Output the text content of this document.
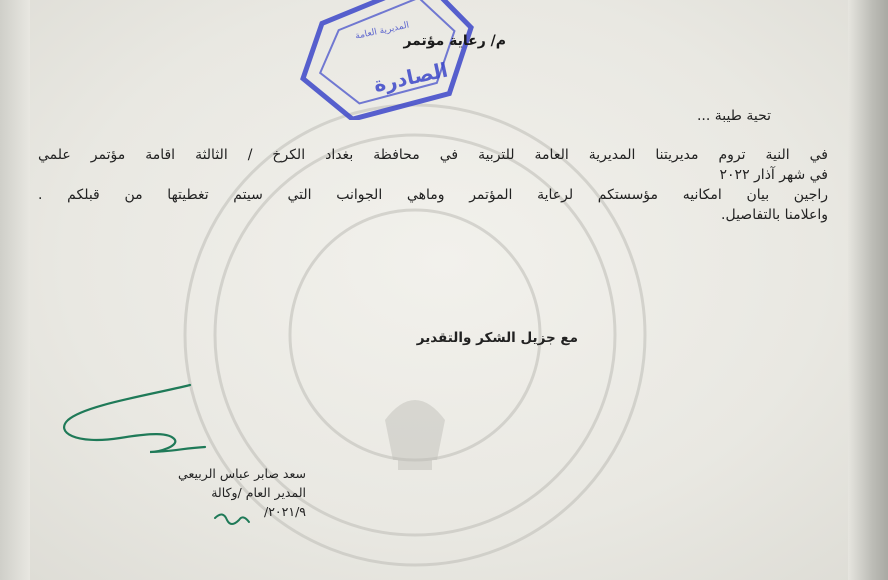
الصادرة
المديرية العامة
م/ رعاية مؤتمر
تحية طيبة ...
في النية تروم مديريتنا المديرية العامة للتربية في محافظة بغداد الكرخ / الثالثة اقامة مؤتمر علمي
في شهر آذار ٢٠٢٢
راجين بيان امكانيه مؤسستكم لرعاية المؤتمر وماهي الجوانب التي سيتم تغطيتها من قبلكم .
واعلامنا بالتفاصيل.
مع جزيل الشكر والتقدير
سعد صابر عباس الربيعي
المدير العام /وكالة
٢٠٢١/٩/
